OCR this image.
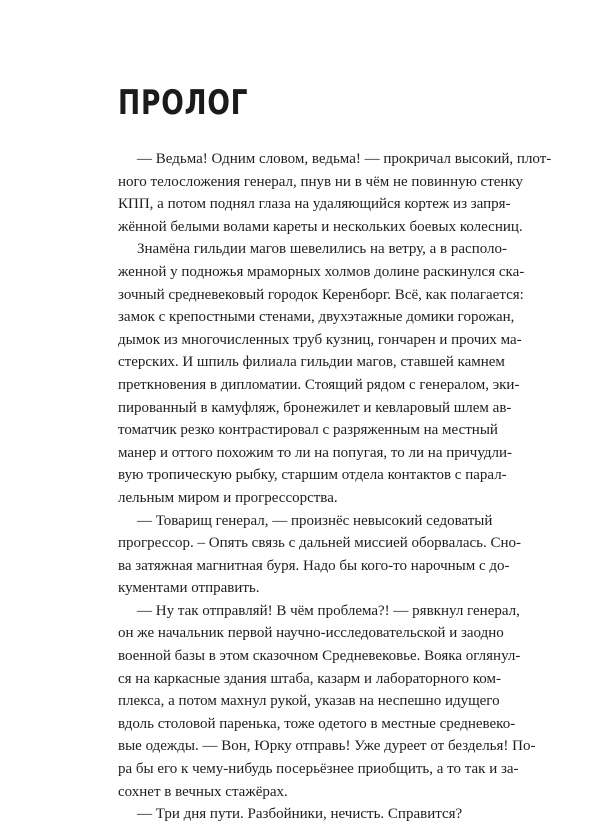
ПРОЛОГ
— Ведьма! Одним словом, ведьма! — прокричал высокий, плот-
ного телосложения генерал, пнув ни в чём не повинную стенку
КПП, а потом поднял глаза на удаляющийся кортеж из запря-
жённой белыми волами кареты и нескольких боевых колесниц.
Знамёна гильдии магов шевелились на ветру, а в располо-
женной у подножья мраморных холмов долине раскинулся ска-
зочный средневековый городок Керенборг. Всё, как полагается:
замок с крепостными стенами, двухэтажные домики горожан,
дымок из многочисленных труб кузниц, гончарен и прочих ма-
стерских. И шпиль филиала гильдии магов, ставшей камнем
преткновения в дипломатии. Стоящий рядом с генералом, эки-
пированный в камуфляж, бронежилет и кевларовый шлем ав-
томатчик резко контрастировал с разряженным на местный
манер и оттого похожим то ли на попугая, то ли на причудли-
вую тропическую рыбку, старшим отдела контактов с парал-
лельным миром и прогрессорства.
— Товарищ генерал, — произнёс невысокий седоватый
прогрессор. – Опять связь с дальней миссией оборвалась. Сно-
ва затяжная магнитная буря. Надо бы кого-то нарочным с до-
кументами отправить.
— Ну так отправляй! В чём проблема?! — рявкнул генерал,
он же начальник первой научно-исследовательской и заодно
военной базы в этом сказочном Средневековье. Вояка оглянул-
ся на каркасные здания штаба, казарм и лабораторного ком-
плекса, а потом махнул рукой, указав на неспешно идущего
вдоль столовой паренька, тоже одетого в местные средневеко-
вые одежды. — Вон, Юрку отправь! Уже дуреет от безделья! По-
ра бы его к чему-нибудь посерьёзнее приобщить, а то так и за-
сохнет в вечных стажёрах.
— Три дня пути. Разбойники, нечисть. Справится?
